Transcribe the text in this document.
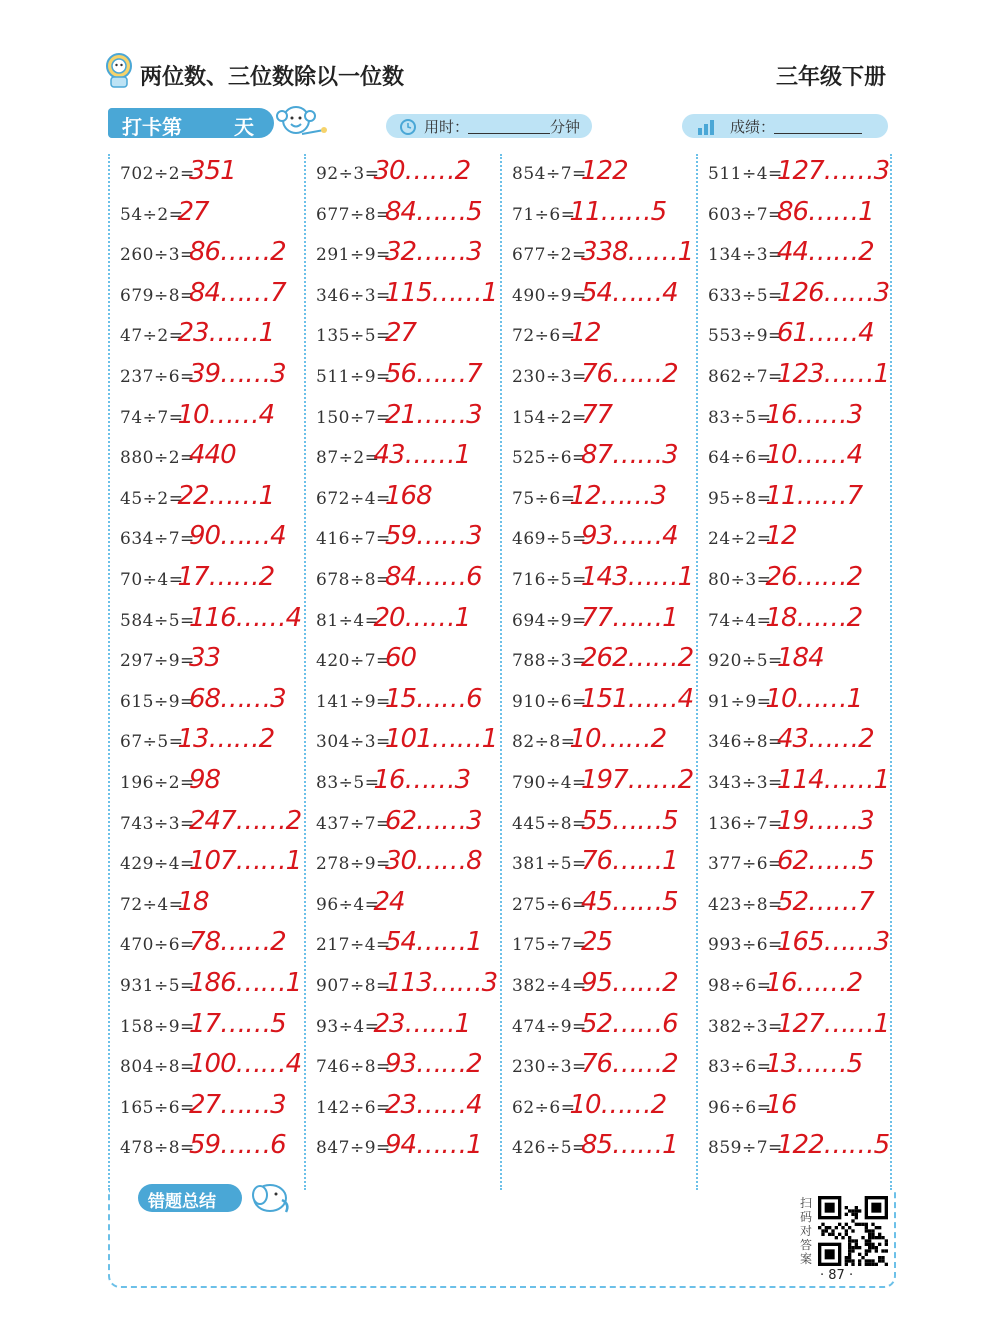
两位数、三位数除以一位数	三年级下册
打卡第	天	用时：	分钟	成绩：
702÷2=
351
54÷2=
27
260÷3=
86……2
679÷8=
84……7
47÷2=
23……1
237÷6=
39……3
74÷7=
10……4
880÷2=
440
45÷2=
22……1
634÷7=
90……4
70÷4=
17……2
584÷5=
116……4
297÷9=
33
615÷9=
68……3
67÷5=
13……2
196÷2=
98
743÷3=
247……2
429÷4=
107……1
72÷4=
18
470÷6=
78……2
931÷5=
186……1
158÷9=
17……5
804÷8=
100……4
165÷6=
27……3
478÷8=
59……6
92÷3=
30……2
677÷8=
84……5
291÷9=
32……3
346÷3=
115……1
135÷5=
27
511÷9=
56……7
150÷7=
21……3
87÷2=
43……1
672÷4=
168
416÷7=
59……3
678÷8=
84……6
81÷4=
20……1
420÷7=
60
141÷9=
15……6
304÷3=
101……1
83÷5=
16……3
437÷7=
62……3
278÷9=
30……8
96÷4=
24
217÷4=
54……1
907÷8=
113……3
93÷4=
23……1
746÷8=
93……2
142÷6=
23……4
847÷9=
94……1
854÷7=
122
71÷6=
11……5
677÷2=
338……1
490÷9=
54……4
72÷6=
12
230÷3=
76……2
154÷2=
77
525÷6=
87……3
75÷6=
12……3
469÷5=
93……4
716÷5=
143……1
694÷9=
77……1
788÷3=
262……2
910÷6=
151……4
82÷8=
10……2
790÷4=
197……2
445÷8=
55……5
381÷5=
76……1
275÷6=
45……5
175÷7=
25
382÷4=
95……2
474÷9=
52……6
230÷3=
76……2
62÷6=
10……2
426÷5=
85……1
511÷4=
127……3
603÷7=
86……1
134÷3=
44……2
633÷5=
126……3
553÷9=
61……4
862÷7=
123……1
83÷5=
16……3
64÷6=
10……4
95÷8=
11……7
24÷2=
12
80÷3=
26……2
74÷4=
18……2
920÷5=
184
91÷9=
10……1
346÷8=
43……2
343÷3=
114……1
136÷7=
19……3
377÷6=
62……5
423÷8=
52……7
993÷6=
165……3
98÷6=
16……2
382÷3=
127……1
83÷6=
13……5
96÷6=
16
859÷7=
122……5
错题总结	扫码对答案
· 87 ·
